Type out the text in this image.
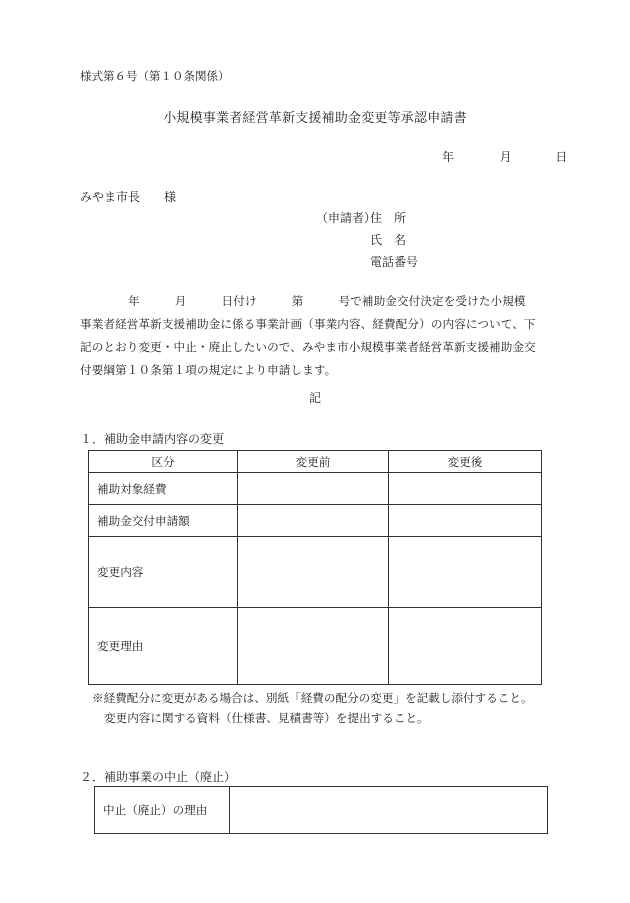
様式第６号（第１０条関係）
小規模事業者経営革新支援補助金変更等承認申請書
年	月	日
みやま市長　　様
（申請者）
住　所
氏　名
電話番号
年　　　月　　　日付け　　　第　　　号で補助金交付決定を受けた小規模
事業者経営革新支援補助金に係る事業計画（事業内容、経費配分）の内容について、下
記のとおり変更・中止・廃止したいので、みやま市小規模事業者経営革新支援補助金交
付要綱第１０条第１項の規定により申請します。
記
１．補助金申請内容の変更
区分	変更前	変更後
補助対象経費		
補助金交付申請額		
変更内容		
変更理由		
※経費配分に変更がある場合は、別紙「経費の配分の変更」を記載し添付すること。
変更内容に関する資料（仕様書、見積書等）を提出すること。
２．補助事業の中止（廃止）
中止（廃止）の理由	
